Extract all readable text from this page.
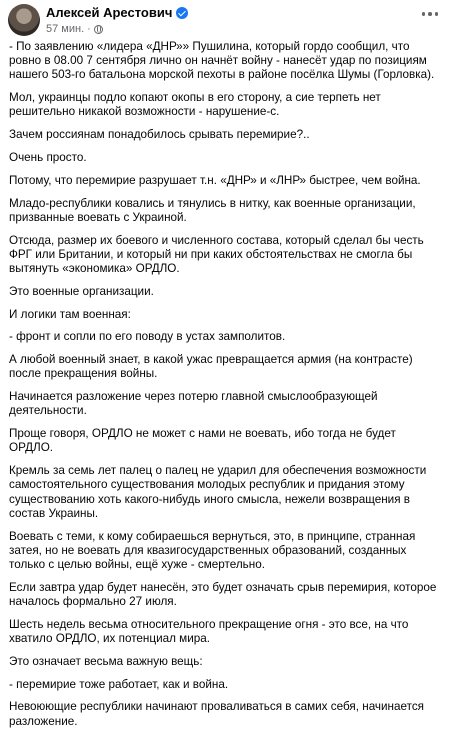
Алексей Арестович
57 мин. ·

- По заявлению «лидера «ДНР»» Пушилина, который гордо сообщил, что ровно в 08.00 7 сентября лично он начнёт войну - нанесёт удар по позициям нашего 503-го батальона морской пехоты в районе посёлка Шумы (Горловка).

Мол, украинцы подло копают окопы в его сторону, а сие терпеть нет решительно никакой возможности - нарушение-с.

Зачем россиянам понадобилось срывать перемирие?..

Очень просто.

Потому, что перемирие разрушает т.н. «ДНР» и «ЛНР» быстрее, чем война.

Младо-республики ковались и тянулись в нитку, как военные организации, призванные воевать с Украиной.

Отсюда, размер их боевого и численного состава, который сделал бы честь ФРГ или Британии, и который ни при каких обстоятельствах не смогла бы вытянуть «экономика» ОРДЛО.

Это военные организации.

И логики там военная:

- фронт и сопли по его поводу в устах замполитов.

А любой военный знает, в какой ужас превращается армия (на контрасте) после прекращения войны.

Начинается разложение через потерю главной смыслообразующей деятельности.

Проще говоря, ОРДЛО не может с нами не воевать, ибо тогда не будет ОРДЛО.

Кремль за семь лет палец о палец не ударил для обеспечения возможности самостоятельного существования молодых республик и придания этому существованию хоть какого-нибудь иного смысла, нежели возвращения в состав Украины.

Воевать с теми, к кому собираешься вернуться, это, в принципе, странная затея, но не воевать для квазигосударственных образований, созданных только с целью войны, ещё хуже - смертельно.

Если завтра удар будет нанесён, это будет означать срыв перемирия, которое началось формально 27 июля.

Шесть недель весьма относительного прекращение огня - это все, на что хватило ОРДЛО, их потенциал мира.

Это означает весьма важную вещь:

- перемирие тоже работает, как и война.

Невоюющие республики начинают проваливаться в самих себя, начинается разложение.
